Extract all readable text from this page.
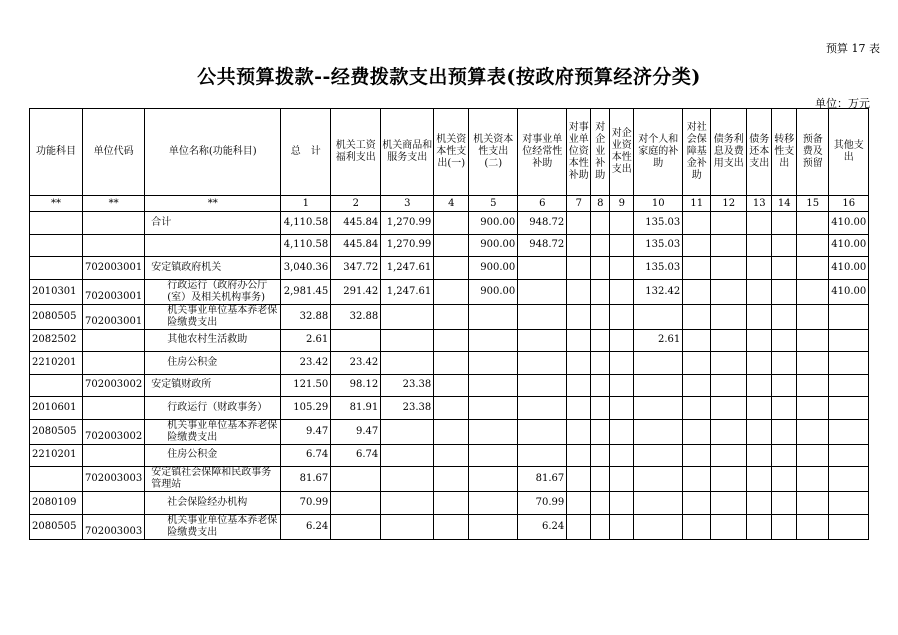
预算 17 表
公共预算拨款--经费拨款支出预算表(按政府预算经济分类)
单位：万元
功能科目	单位代码	单位名称(功能科目)	总　计	机关工资福利支出	机关商品和服务支出	机关资本性支出(一)	机关资本性支出(二)	对事业单位经常性补助	对事业单位资本性补助	对企业补助	对企业资本性支出	对个人和家庭的补助	对社会保障基金补助	债务利息及费用支出	债务还本支出	转移性支出	预备费及预留	其他支出
**	**	**	1	2	3	4	5	6	7	8	9	10	11	12	13	14	15	16
		合计	4,110.58	445.84	1,270.99		900.00	948.72				135.03						410.00
			4,110.58	445.84	1,270.99		900.00	948.72				135.03						410.00
	702003001	安定镇政府机关	3,040.36	347.72	1,247.61		900.00					135.03						410.00
2010301	702003001	行政运行（政府办公厅(室）及相关机构事务)	2,981.45	291.42	1,247.61		900.00					132.42						410.00
2080505	702003001	机关事业单位基本养老保险缴费支出	32.88	32.88														
2082502		其他农村生活救助	2.61									2.61						
2210201		住房公积金	23.42	23.42														
	702003002	安定镇财政所	121.50	98.12	23.38													
2010601		行政运行（财政事务）	105.29	81.91	23.38													
2080505	702003002	机关事业单位基本养老保险缴费支出	9.47	9.47														
2210201		住房公积金	6.74	6.74														
	702003003	安定镇社会保障和民政事务管理站	81.67					81.67										
2080109		社会保险经办机构	70.99					70.99										
2080505	702003003	机关事业单位基本养老保险缴费支出	6.24					6.24										
